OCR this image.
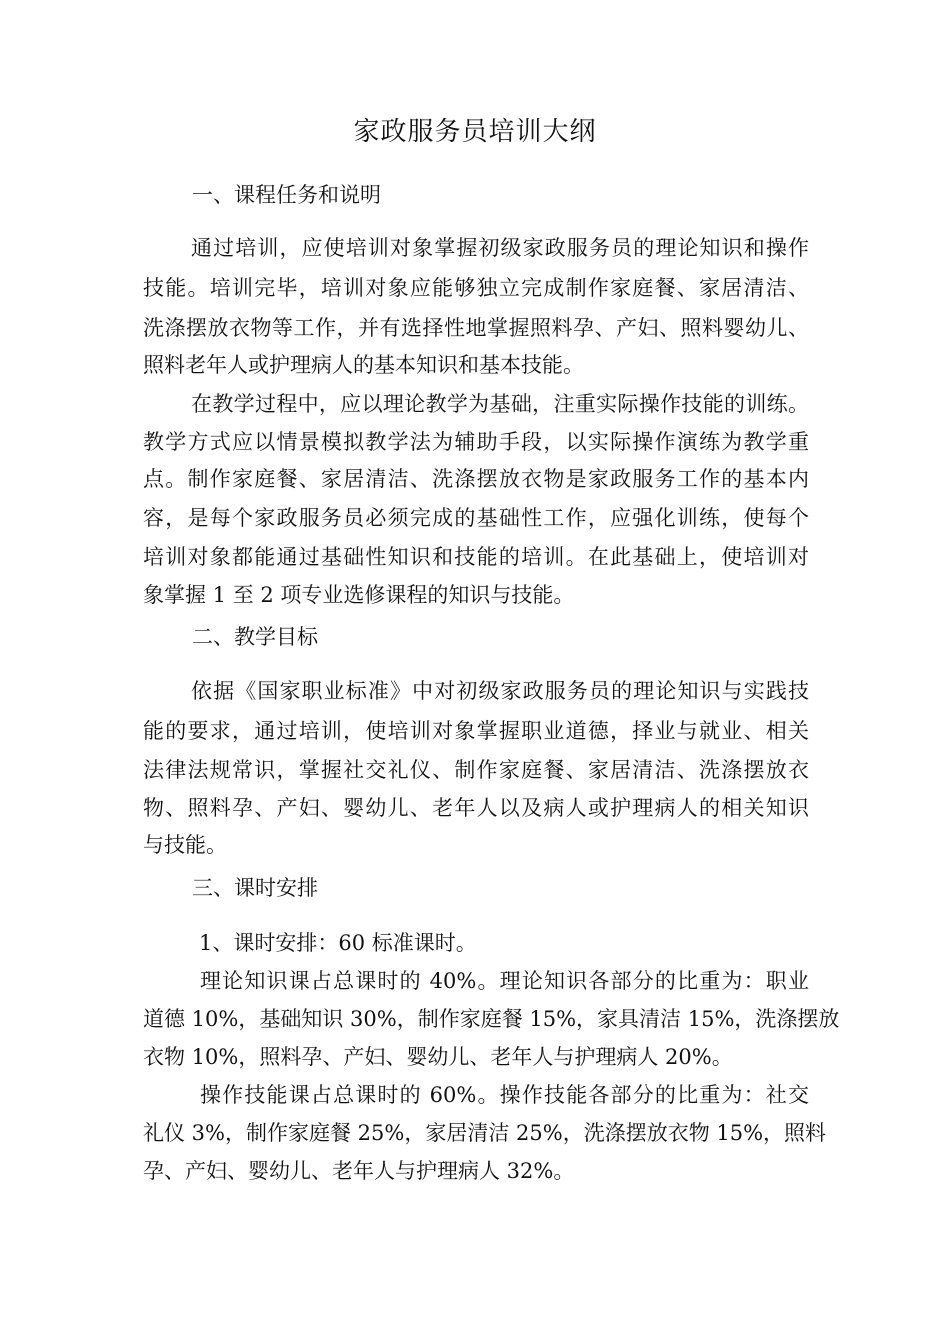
家政服务员培训大纲
一、课程任务和说明
通过培训，应使培训对象掌握初级家政服务员的理论知识和操作
技能。培训完毕，培训对象应能够独立完成制作家庭餐、家居清洁、
洗涤摆放衣物等工作，并有选择性地掌握照料孕、产妇、照料婴幼儿、
照料老年人或护理病人的基本知识和基本技能。
在教学过程中，应以理论教学为基础，注重实际操作技能的训练。
教学方式应以情景模拟教学法为辅助手段，以实际操作演练为教学重
点。制作家庭餐、家居清洁、洗涤摆放衣物是家政服务工作的基本内
容，是每个家政服务员必须完成的基础性工作，应强化训练，使每个
培训对象都能通过基础性知识和技能的培训。在此基础上，使培训对
象掌握 1 至 2 项专业选修课程的知识与技能。
二、教学目标
依据《国家职业标准》中对初级家政服务员的理论知识与实践技
能的要求，通过培训，使培训对象掌握职业道德，择业与就业、相关
法律法规常识，掌握社交礼仪、制作家庭餐、家居清洁、洗涤摆放衣
物、照料孕、产妇、婴幼儿、老年人以及病人或护理病人的相关知识
与技能。
三、课时安排
1、课时安排：60 标准课时。
理论知识课占总课时的 40%。理论知识各部分的比重为：职业
道德 10%，基础知识 30%，制作家庭餐 15%，家具清洁 15%，洗涤摆放
衣物 10%，照料孕、产妇、婴幼儿、老年人与护理病人 20%。
操作技能课占总课时的 60%。操作技能各部分的比重为：社交
礼仪 3%，制作家庭餐 25%，家居清洁 25%，洗涤摆放衣物 15%，照料
孕、产妇、婴幼儿、老年人与护理病人 32%。
